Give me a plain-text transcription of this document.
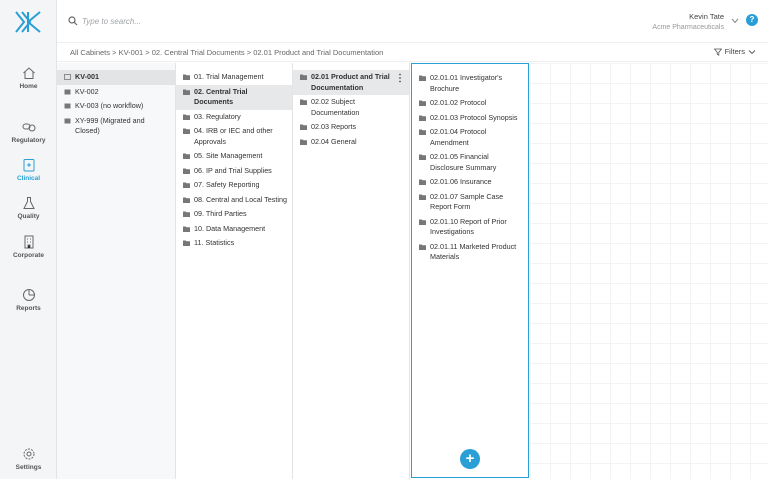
Home
Regulatory
Clinical
Quality
Corporate
Reports
Settings
Type to search...
Kevin Tate
Acme Pharmaceuticals
?
All Cabinets > KV-001 > 02. Central Trial Documents > 02.01 Product and Trial Documentation	Filters
KV-001
KV-002
KV-003 (no workflow)
XY-999 (Migrated and Closed)
01. Trial Management
02. Central Trial Documents
03. Regulatory
04. IRB or IEC and other Approvals
05. Site Management
06. IP and Trial Supplies
07. Safety Reporting
08. Central and Local Testing
09. Third Parties
10. Data Management
11. Statistics
02.01 Product and Trial Documentation
02.02 Subject Documentation
02.03 Reports
02.04 General
02.01.01 Investigator's Brochure
02.01.02 Protocol
02.01.03 Protocol Synopsis
02.01.04 Protocol Amendment
02.01.05 Financial Disclosure Summary
02.01.06 Insurance
02.01.07 Sample Case Report Form
02.01.10 Report of Prior Investigations
02.01.11 Marketed Product Materials
+
